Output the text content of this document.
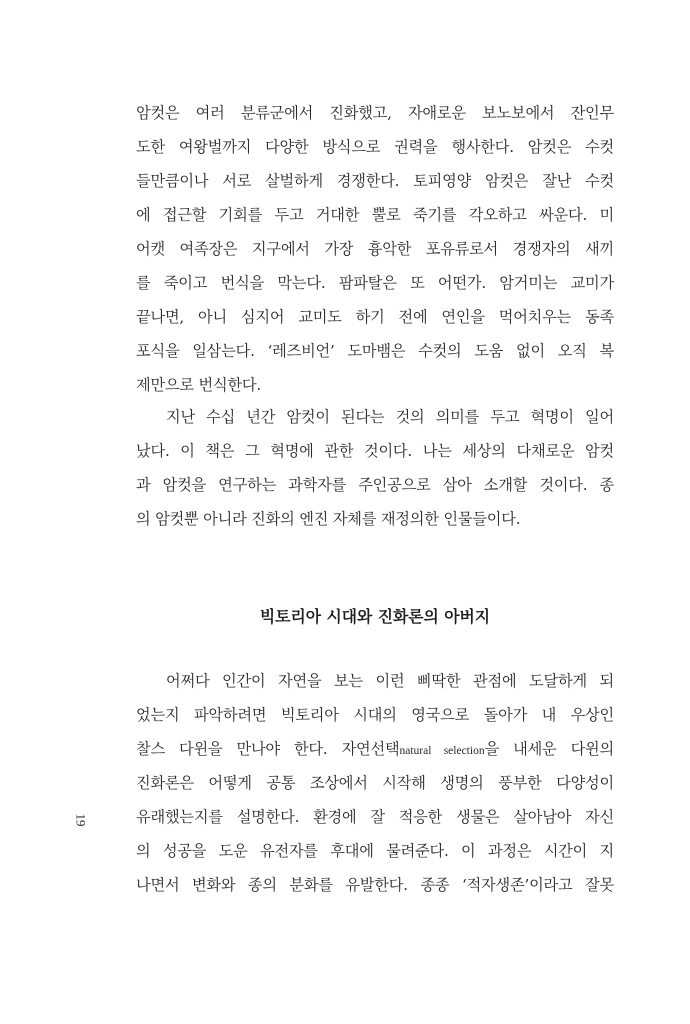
암컷은 여러 분류군에서 진화했고, 자애로운 보노보에서 잔인무
도한 여왕벌까지 다양한 방식으로 권력을 행사한다. 암컷은 수컷
들만큼이나 서로 살벌하게 경쟁한다. 토피영양 암컷은 잘난 수컷
에 접근할 기회를 두고 거대한 뿔로 죽기를 각오하고 싸운다. 미
어캣 여족장은 지구에서 가장 흉악한 포유류로서 경쟁자의 새끼
를 죽이고 번식을 막는다. 팜파탈은 또 어떤가. 암거미는 교미가
끝나면, 아니 심지어 교미도 하기 전에 연인을 먹어치우는 동족
포식을 일삼는다. ‘레즈비언’ 도마뱀은 수컷의 도움 없이 오직 복
제만으로 번식한다.
지난 수십 년간 암컷이 된다는 것의 의미를 두고 혁명이 일어
났다. 이 책은 그 혁명에 관한 것이다. 나는 세상의 다채로운 암컷
과 암컷을 연구하는 과학자를 주인공으로 삼아 소개할 것이다. 종
의 암컷뿐 아니라 진화의 엔진 자체를 재정의한 인물들이다.
빅토리아 시대와 진화론의 아버지
어쩌다 인간이 자연을 보는 이런 삐딱한 관점에 도달하게 되
었는지 파악하려면 빅토리아 시대의 영국으로 돌아가 내 우상인
찰스 다윈을 만나야 한다. 자연선택natural selection을 내세운 다윈의
진화론은 어떻게 공통 조상에서 시작해 생명의 풍부한 다양성이
유래했는지를 설명한다. 환경에 잘 적응한 생물은 살아남아 자신
의 성공을 도운 유전자를 후대에 물려준다. 이 과정은 시간이 지
나면서 변화와 종의 분화를 유발한다. 종종 ‘적자생존’이라고 잘못
19
